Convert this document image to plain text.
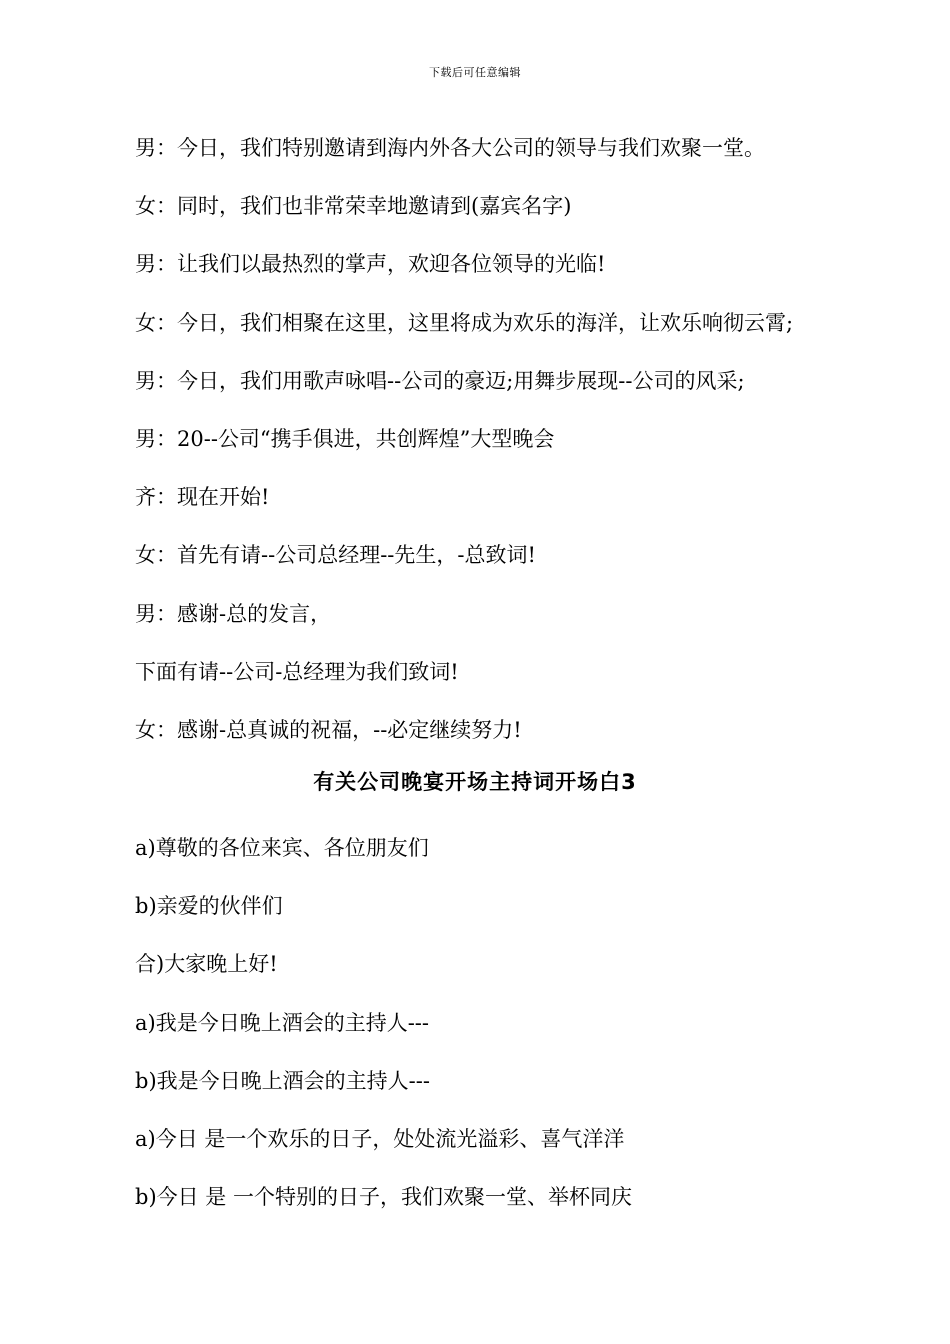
下载后可任意编辑
男：今日，我们特别邀请到海内外各大公司的领导与我们欢聚一堂。
女：同时，我们也非常荣幸地邀请到(嘉宾名字)
男：让我们以最热烈的掌声，欢迎各位领导的光临!
女：今日，我们相聚在这里，这里将成为欢乐的海洋，让欢乐响彻云霄;
男：今日，我们用歌声咏唱--公司的豪迈;用舞步展现--公司的风采;
男：20--公司“携手俱进，共创辉煌”大型晚会
齐：现在开始!
女：首先有请--公司总经理--先生，-总致词!
男：感谢-总的发言，
下面有请--公司-总经理为我们致词!
女：感谢-总真诚的祝福，--必定继续努力!
有关公司晚宴开场主持词开场白3
a)尊敬的各位来宾、各位朋友们
b)亲爱的伙伴们
合)大家晚上好!
a)我是今日晚上酒会的主持人---
b)我是今日晚上酒会的主持人---
a)今日 是一个欢乐的日子，处处流光溢彩、喜气洋洋
b)今日 是 一个特别的日子，我们欢聚一堂、举杯同庆
